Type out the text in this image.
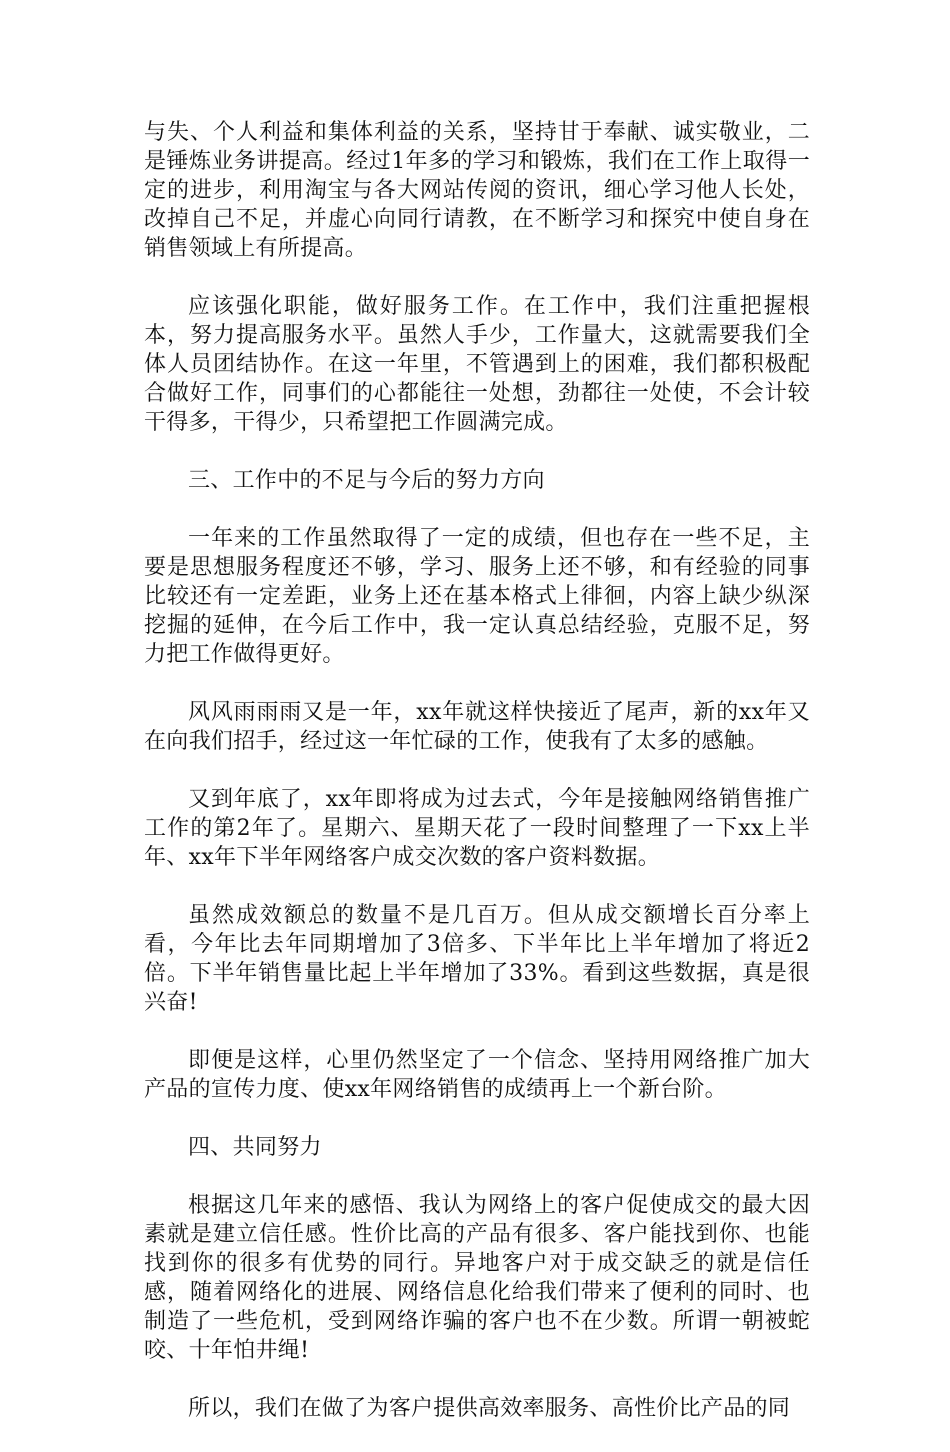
与失、个人利益和集体利益的关系，坚持甘于奉献、诚实敬业，二是锤炼业务讲提高。经过1年多的学习和锻炼，我们在工作上取得一定的进步，利用淘宝与各大网站传阅的资讯，细心学习他人长处，改掉自己不足，并虚心向同行请教，在不断学习和探究中使自身在销售领域上有所提高。

应该强化职能，做好服务工作。在工作中，我们注重把握根本，努力提高服务水平。虽然人手少，工作量大，这就需要我们全体人员团结协作。在这一年里，不管遇到上的困难，我们都积极配合做好工作，同事们的心都能往一处想，劲都往一处使，不会计较干得多，干得少，只希望把工作圆满完成。

三、工作中的不足与今后的努力方向

一年来的工作虽然取得了一定的成绩，但也存在一些不足，主要是思想服务程度还不够，学习、服务上还不够，和有经验的同事比较还有一定差距，业务上还在基本格式上徘徊，内容上缺少纵深挖掘的延伸，在今后工作中，我一定认真总结经验，克服不足，努力把工作做得更好。

风风雨雨雨又是一年，xx年就这样快接近了尾声，新的xx年又在向我们招手，经过这一年忙碌的工作，使我有了太多的感触。

又到年底了，xx年即将成为过去式，今年是接触网络销售推广工作的第2年了。星期六、星期天花了一段时间整理了一下xx上半年、xx年下半年网络客户成交次数的客户资料数据。

虽然成效额总的数量不是几百万。但从成交额增长百分率上看，今年比去年同期增加了3倍多、下半年比上半年增加了将近2倍。下半年销售量比起上半年增加了33%。看到这些数据，真是很兴奋!

即便是这样，心里仍然坚定了一个信念、坚持用网络推广加大产品的宣传力度、使xx年网络销售的成绩再上一个新台阶。

四、共同努力

根据这几年来的感悟、我认为网络上的客户促使成交的最大因素就是建立信任感。性价比高的产品有很多、客户能找到你、也能找到你的很多有优势的同行。异地客户对于成交缺乏的就是信任感，随着网络化的进展、网络信息化给我们带来了便利的同时、也制造了一些危机，受到网络诈骗的客户也不在少数。所谓一朝被蛇咬、十年怕井绳!

所以，我们在做了为客户提供高效率服务、高性价比产品的同
